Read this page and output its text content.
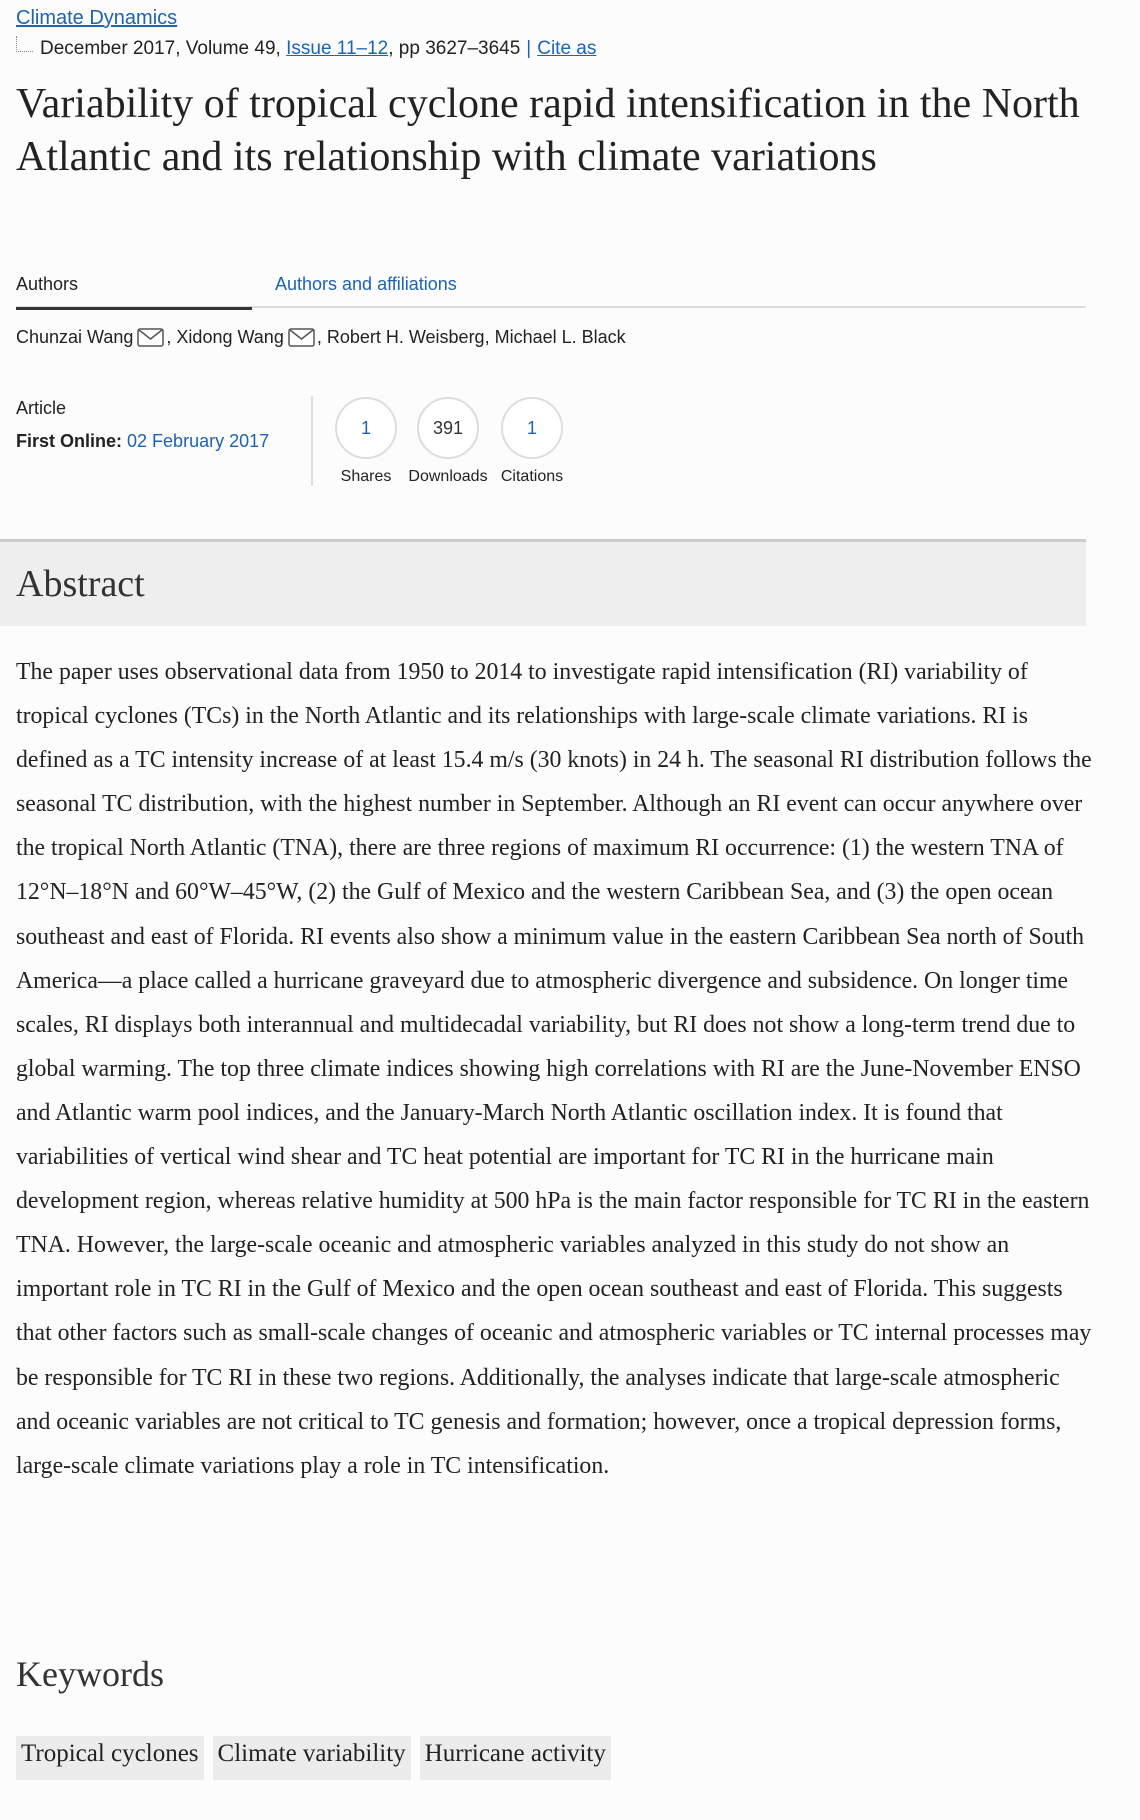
Climate Dynamics
December 2017, Volume 49,
Issue 11–12 , pp 3627–3645 | Cite as
Variability of tropical cyclone rapid intensification in the North Atlantic and its relationship with climate variations
Authors	Authors and affiliations
Chunzai Wang , Xidong Wang , Robert H. Weisberg , Michael L. Black
Article
First Online: 02 February 2017
1
Shares
391
Downloads
1
Citations
Abstract

The paper uses observational data from 1950 to 2014 to investigate rapid intensification (RI) variability of tropical cyclones (TCs) in the North Atlantic and its relationships with large-scale climate variations. RI is defined as a TC intensity increase of at least 15.4 m/s (30 knots) in 24 h. The seasonal RI distribution follows the seasonal TC distribution, with the highest number in September. Although an RI event can occur anywhere over the tropical North Atlantic (TNA), there are three regions of maximum RI occurrence: (1) the western TNA of 12°N–18°N and 60°W–45°W, (2) the Gulf of Mexico and the western Caribbean Sea, and (3) the open ocean southeast and east of Florida. RI events also show a minimum value in the eastern Caribbean Sea north of South America—a place called a hurricane graveyard due to atmospheric divergence and subsidence. On longer time scales, RI displays both interannual and multidecadal variability, but RI does not show a long-term trend due to global warming. The top three climate indices showing high correlations with RI are the June-November ENSO and Atlantic warm pool indices, and the January-March North Atlantic oscillation index. It is found that variabilities of vertical wind shear and TC heat potential are important for TC RI in the hurricane main development region, whereas relative humidity at 500 hPa is the main factor responsible for TC RI in the eastern TNA. However, the large-scale oceanic and atmospheric variables analyzed in this study do not show an important role in TC RI in the Gulf of Mexico and the open ocean southeast and east of Florida. This suggests that other factors such as small-scale changes of oceanic and atmospheric variables or TC internal processes may be responsible for TC RI in these two regions. Additionally, the analyses indicate that large-scale atmospheric and oceanic variables are not critical to TC genesis and formation; however, once a tropical depression forms, large-scale climate variations play a role in TC intensification.

Keywords
Tropical cyclones Climate variability Hurricane activity
